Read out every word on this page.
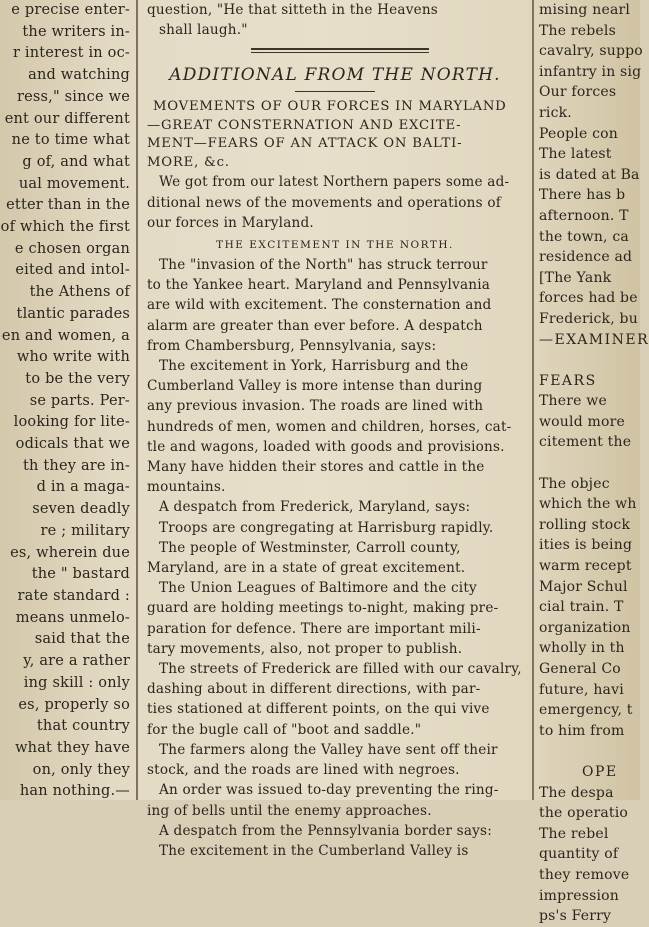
e precise enter-
the writers in-
r interest in oc-
and watching
ress," since we
ent our different
ne to time what
g of, and what
ual movement.
etter than in the
of which the first
e chosen organ
eited and intol-
the Athens of
tlantic parades
en and women, a
who write with
to be the very
se parts. Per-
looking for lite-
odicals that we
th they are in-
d in a maga-
seven deadly
re ; military
es, wherein due
the " bastard
rate standard :
means unmelo-
said that the
y, are a rather
ing skill : only
es, properly so
that country
what they have
on, only they
han nothing.—
question, "He that sitteth in the Heavens
shall laugh."
ADDITIONAL FROM THE NORTH.
MOVEMENTS OF OUR FORCES IN MARYLAND
—GREAT CONSTERNATION AND EXCITE-
MENT—FEARS OF AN ATTACK ON BALTI-
MORE, &c.
We got from our latest Northern papers some ad-
ditional news of the movements and operations of
our forces in Maryland.
THE EXCITEMENT IN THE NORTH.
The "invasion of the North" has struck terrour
to the Yankee heart. Maryland and Pennsylvania
are wild with excitement. The consternation and
alarm are greater than ever before. A despatch
from Chambersburg, Pennsylvania, says:
The excitement in York, Harrisburg and the
Cumberland Valley is more intense than during
any previous invasion. The roads are lined with
hundreds of men, women and children, horses, cat-
tle and wagons, loaded with goods and provisions.
Many have hidden their stores and cattle in the
mountains.
A despatch from Frederick, Maryland, says:
Troops are congregating at Harrisburg rapidly.
The people of Westminster, Carroll county,
Maryland, are in a state of great excitement.
The Union Leagues of Baltimore and the city
guard are holding meetings to-night, making pre-
paration for defence. There are important mili-
tary movements, also, not proper to publish.
The streets of Frederick are filled with our cavalry,
dashing about in different directions, with par-
ties stationed at different points, on the qui vive
for the bugle call of "boot and saddle."
The farmers along the Valley have sent off their
stock, and the roads are lined with negroes.
An order was issued to-day preventing the ring-
ing of bells until the enemy approaches.
A despatch from the Pennsylvania border says:
The excitement in the Cumberland Valley is
mising nearl
The rebels
cavalry, suppo
infantry in sig
Our forces
rick.
People con
The latest
is dated at Ba
There has b
afternoon. T
the town, ca
residence ad
[The Yank
forces had be
Frederick, bu
—EXAMINER

FEARS
There we
would more
citement the

The objec
which the wh
rolling stock
ities is being
warm recept
Major Schul
cial train. T
organization
wholly in th
General Co
future, havi
emergency, t
to him from

OPE
The despa
the operatio
The rebel
quantity of
they remove
impression
ps's Ferry
